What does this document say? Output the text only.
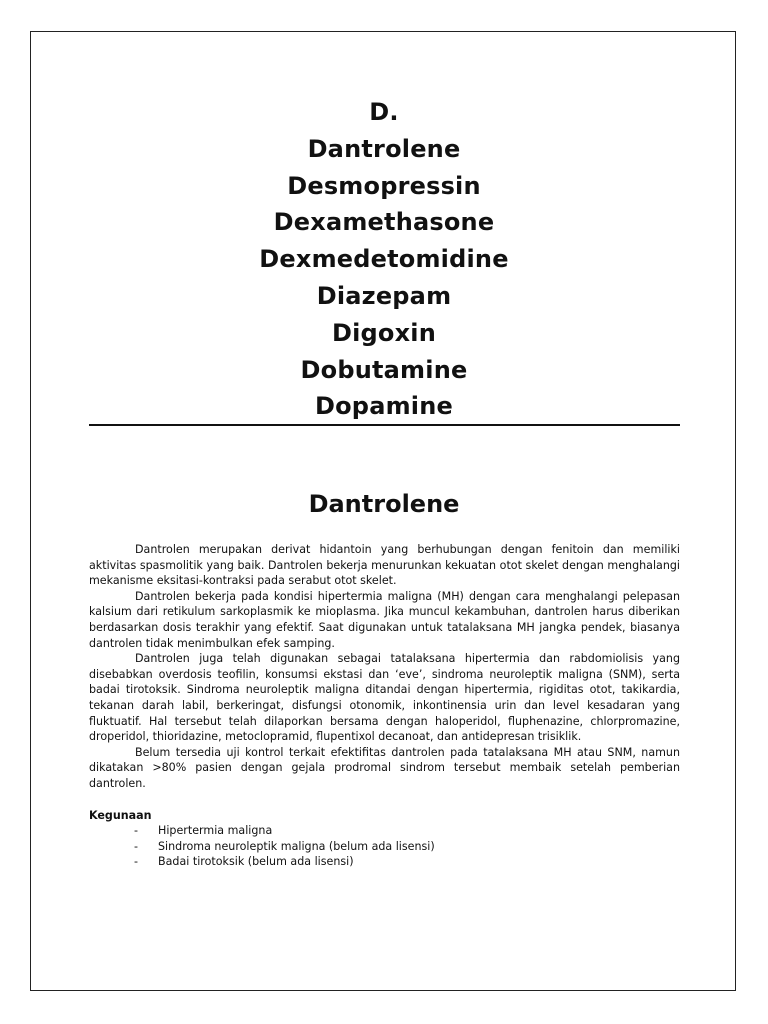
D.
Dantrolene
Desmopressin
Dexamethasone
Dexmedetomidine
Diazepam
Digoxin
Dobutamine
Dopamine
Dantrolene

Dantrolen merupakan derivat hidantoin yang berhubungan dengan fenitoin dan memiliki aktivitas spasmolitik yang baik. Dantrolen bekerja menurunkan kekuatan otot skelet dengan menghalangi mekanisme eksitasi-kontraksi pada serabut otot skelet.

Dantrolen bekerja pada kondisi hipertermia maligna (MH) dengan cara menghalangi pelepasan kalsium dari retikulum sarkoplasmik ke mioplasma. Jika muncul kekambuhan, dantrolen harus diberikan berdasarkan dosis terakhir yang efektif. Saat digunakan untuk tatalaksana MH jangka pendek, biasanya dantrolen tidak menimbulkan efek samping.

Dantrolen juga telah digunakan sebagai tatalaksana hipertermia dan rabdomiolisis yang disebabkan overdosis teofilin, konsumsi ekstasi dan ‘eve’, sindroma neuroleptik maligna (SNM), serta badai tirotoksik. Sindroma neuroleptik maligna ditandai dengan hipertermia, rigiditas otot, takikardia, tekanan darah labil, berkeringat, disfungsi otonomik, inkontinensia urin dan level kesadaran yang fluktuatif. Hal tersebut telah dilaporkan bersama dengan haloperidol, fluphenazine, chlorpromazine, droperidol, thioridazine, metoclopramid, flupentixol decanoat, dan antidepresan trisiklik.

Belum tersedia uji kontrol terkait efektifitas dantrolen pada tatalaksana MH atau SNM, namun dikatakan >80% pasien dengan gejala prodromal sindrom tersebut membaik setelah pemberian dantrolen.

Kegunaan
-	Hipertermia maligna
-	Sindroma neuroleptik maligna (belum ada lisensi)
-	Badai tirotoksik (belum ada lisensi)
